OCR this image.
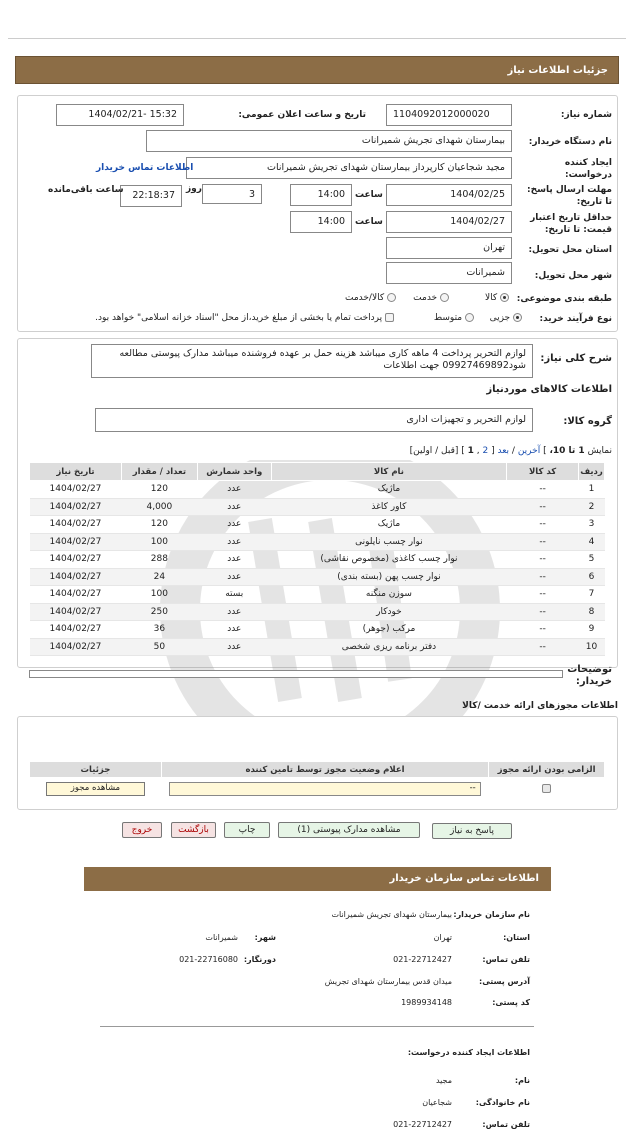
جزئیات اطلاعات نیاز
شماره نیاز:
1104092012000020
تاریخ و ساعت اعلان عمومی:
1404/02/21- 15:32
نام دستگاه خریدار:
بیمارستان شهدای تجریش شمیرانات
ایجاد کننده درخواست:
مجید شجاعیان کارپرداز بیمارستان شهدای تجریش شمیرانات
اطلاعات تماس خریدار
مهلت ارسال پاسخ: تا تاریخ:
1404/02/25
ساعت
14:00
3
روز
22:18:37
ساعت باقی‌مانده
حداقل تاریخ اعتبار قیمت: تا تاریخ:
1404/02/27
ساعت
14:00
استان محل تحویل:
تهران
شهر محل تحویل:
شمیرانات
طبقه بندی موضوعی:
کالا
خدمت
کالا/خدمت
نوع فرآیند خرید:
جزیی
متوسط
پرداخت تمام یا بخشی از مبلغ خرید،از محل "اسناد خزانه اسلامی" خواهد بود.
شرح کلی نیاز:
لوازم التحریر پرداخت 4 ماهه کاری میباشد هزینه حمل بر عهده فروشنده میباشد مدارک پیوستی مطالعه شود09927469892 جهت اطلاعات
اطلاعات کالاهای موردنیاز
گروه کالا:
لوازم التحریر و تجهیزات اداری
نمایش 1 تا 10، ] آخرین / بعد [ 2 , 1 ] [قبل / اولین]
ردیف	کد کالا	نام کالا	واحد شمارش	تعداد / مقدار	تاریخ نیاز
1	--	ماژیک	عدد	120	1404/02/27
2	--	کاور کاغذ	عدد	4,000	1404/02/27
3	--	ماژیک	عدد	120	1404/02/27
4	--	نوار چسب نایلونی	عدد	100	1404/02/27
5	--	نوار چسب کاغذی (مخصوص نقاشی)	عدد	288	1404/02/27
6	--	نوار چسب پهن (بسته بندی)	عدد	24	1404/02/27
7	--	سوزن منگنه	بسته	100	1404/02/27
8	--	خودکار	عدد	250	1404/02/27
9	--	مرکب (جوهر)	عدد	36	1404/02/27
10	--	دفتر برنامه ریزی شخصی	عدد	50	1404/02/27
توضیحات خریدار:
اطلاعات مجوزهای ارائه خدمت /کالا
الزامی بودن ارائه مجوز	اعلام وضعیت مجوز توسط تامین کننده	جزئیات

	--	مشاهده مجوز
پاسخ به نیاز
مشاهده مدارک پیوستی (1)
چاپ
بازگشت
خروج
اطلاعات تماس سازمان خریدار
نام سازمان خریدار:
بیمارستان شهدای تجریش شمیرانات
استان:
تهران
شهر:
شمیرانات
تلفن تماس:
021-22712427
دورنگار:
021-22716080
آدرس پستی:
میدان قدس بیمارستان شهدای تجریش
کد پستی:
1989934148
اطلاعات ایجاد کننده درخواست:
نام:
مجید
نام خانوادگی:
شجاعیان
تلفن تماس:
021-22712427
